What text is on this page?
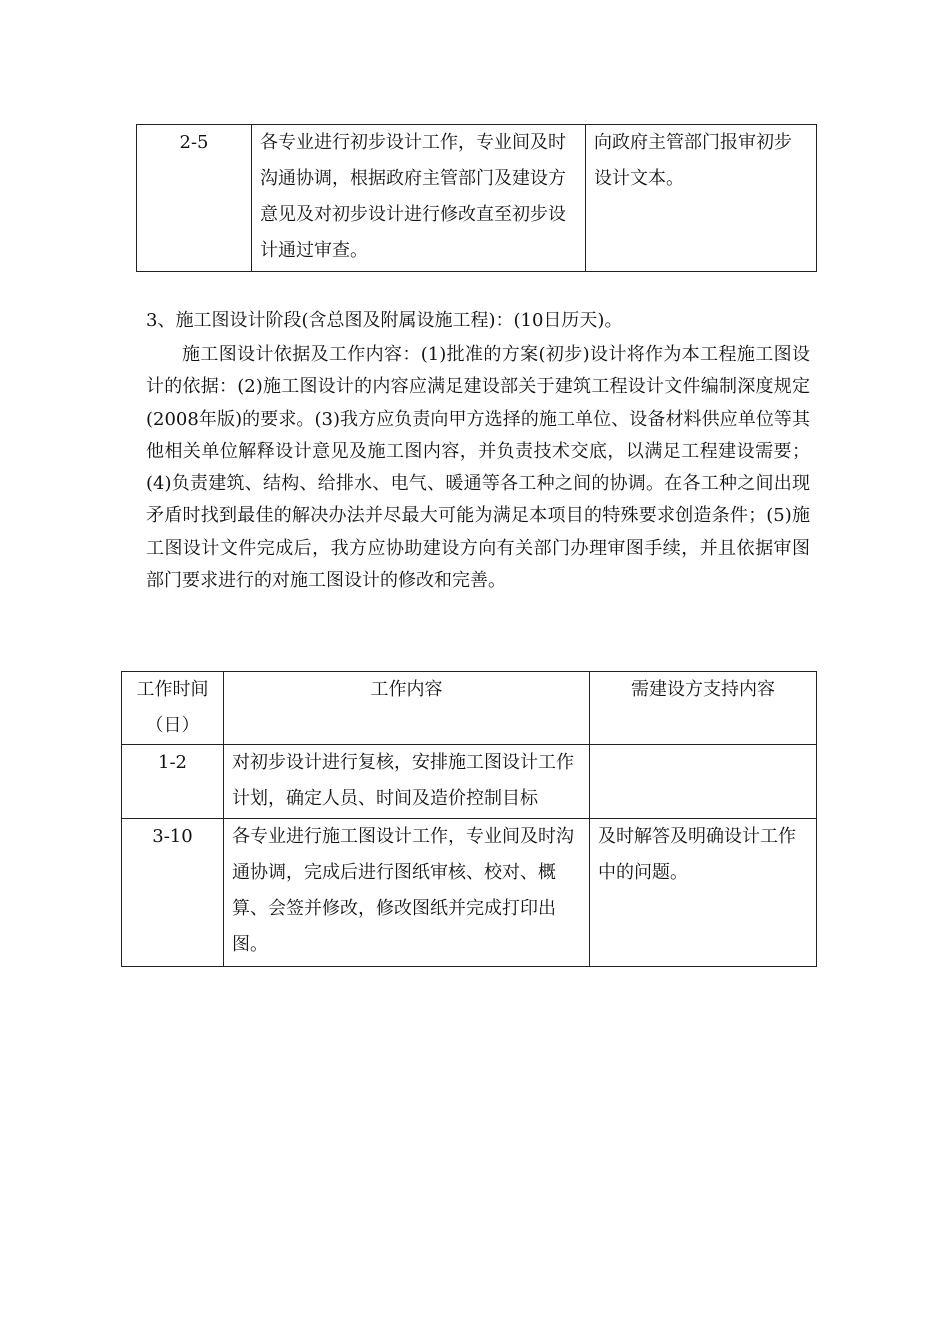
2-5	各专业进行初步设计工作，专业间及时沟通协调，根据政府主管部门及建设方意见及对初步设计进行修改直至初步设计通过审查。	向政府主管部门报审初步设计文本。
3、施工图设计阶段(含总图及附属设施工程)：(10日历天)。

施工图设计依据及工作内容：(1)批准的方案(初步)设计将作为本工程施工图设计的依据：(2)施工图设计的内容应满足建设部关于建筑工程设计文件编制深度规定(2008年版)的要求。(3)我方应负责向甲方选择的施工单位、设备材料供应单位等其他相关单位解释设计意见及施工图内容，并负责技术交底，以满足工程建设需要；(4)负责建筑、结构、给排水、电气、暖通等各工种之间的协调。在各工种之间出现矛盾时找到最佳的解决办法并尽最大可能为满足本项目的特殊要求创造条件；(5)施工图设计文件完成后，我方应协助建设方向有关部门办理审图手续，并且依据审图部门要求进行的对施工图设计的修改和完善。

工作时间（日）	工作内容	需建设方支持内容
1-2	对初步设计进行复核，安排施工图设计工作计划，确定人员、时间及造价控制目标	
3-10	各专业进行施工图设计工作，专业间及时沟通协调，完成后进行图纸审核、校对、概算、会签并修改，修改图纸并完成打印出图。	及时解答及明确设计工作中的问题。
